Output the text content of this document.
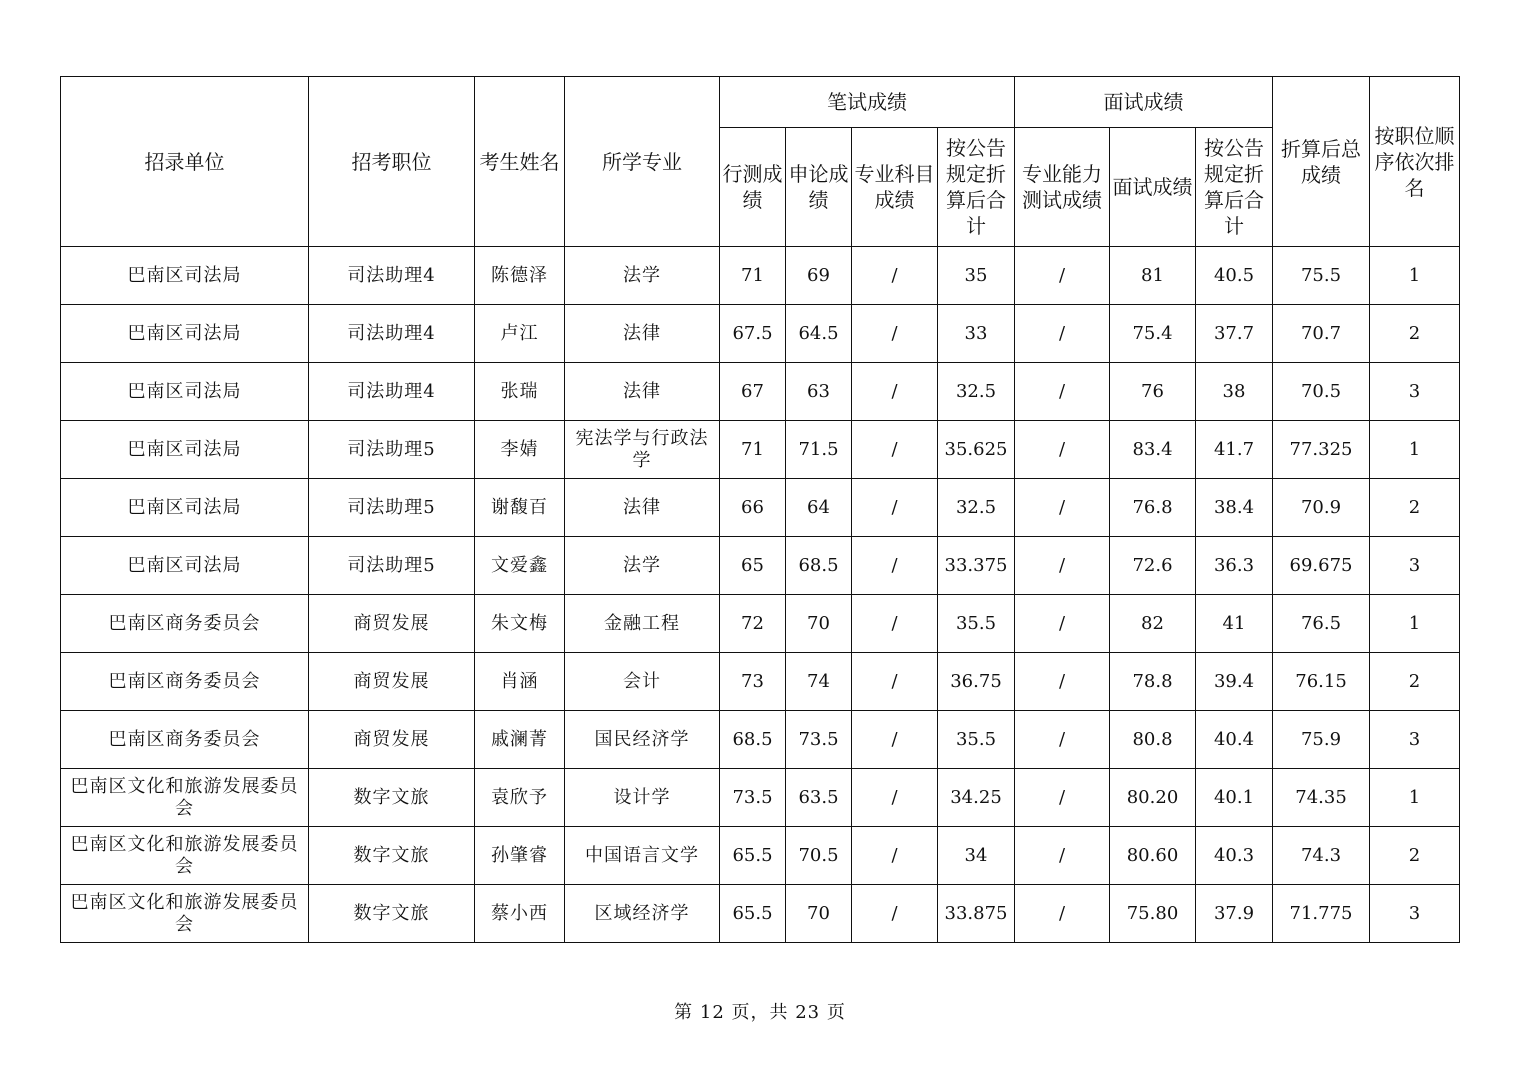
招录单位	招考职位	考生姓名	所学专业	笔试成绩				面试成绩			折算后总成绩	按职位顺序依次排名
				行测成绩	申论成绩	专业科目成绩	按公告规定折算后合计	专业能力测试成绩	面试成绩	按公告规定折算后合计		
巴南区司法局	司法助理4	陈德泽	法学	71	69	/	35	/	81	40.5	75.5	1
巴南区司法局	司法助理4	卢江	法律	67.5	64.5	/	33	/	75.4	37.7	70.7	2
巴南区司法局	司法助理4	张瑞	法律	67	63	/	32.5	/	76	38	70.5	3
巴南区司法局	司法助理5	李婧	宪法学与行政法学	71	71.5	/	35.625	/	83.4	41.7	77.325	1
巴南区司法局	司法助理5	谢馥百	法律	66	64	/	32.5	/	76.8	38.4	70.9	2
巴南区司法局	司法助理5	文爱鑫	法学	65	68.5	/	33.375	/	72.6	36.3	69.675	3
巴南区商务委员会	商贸发展	朱文梅	金融工程	72	70	/	35.5	/	82	41	76.5	1
巴南区商务委员会	商贸发展	肖涵	会计	73	74	/	36.75	/	78.8	39.4	76.15	2
巴南区商务委员会	商贸发展	戚澜菁	国民经济学	68.5	73.5	/	35.5	/	80.8	40.4	75.9	3
巴南区文化和旅游发展委员会	数字文旅	袁欣予	设计学	73.5	63.5	/	34.25	/	80.20	40.1	74.35	1
巴南区文化和旅游发展委员会	数字文旅	孙肇睿	中国语言文学	65.5	70.5	/	34	/	80.60	40.3	74.3	2
巴南区文化和旅游发展委员会	数字文旅	蔡小西	区域经济学	65.5	70	/	33.875	/	75.80	37.9	71.775	3
第 12 页，共 23 页
